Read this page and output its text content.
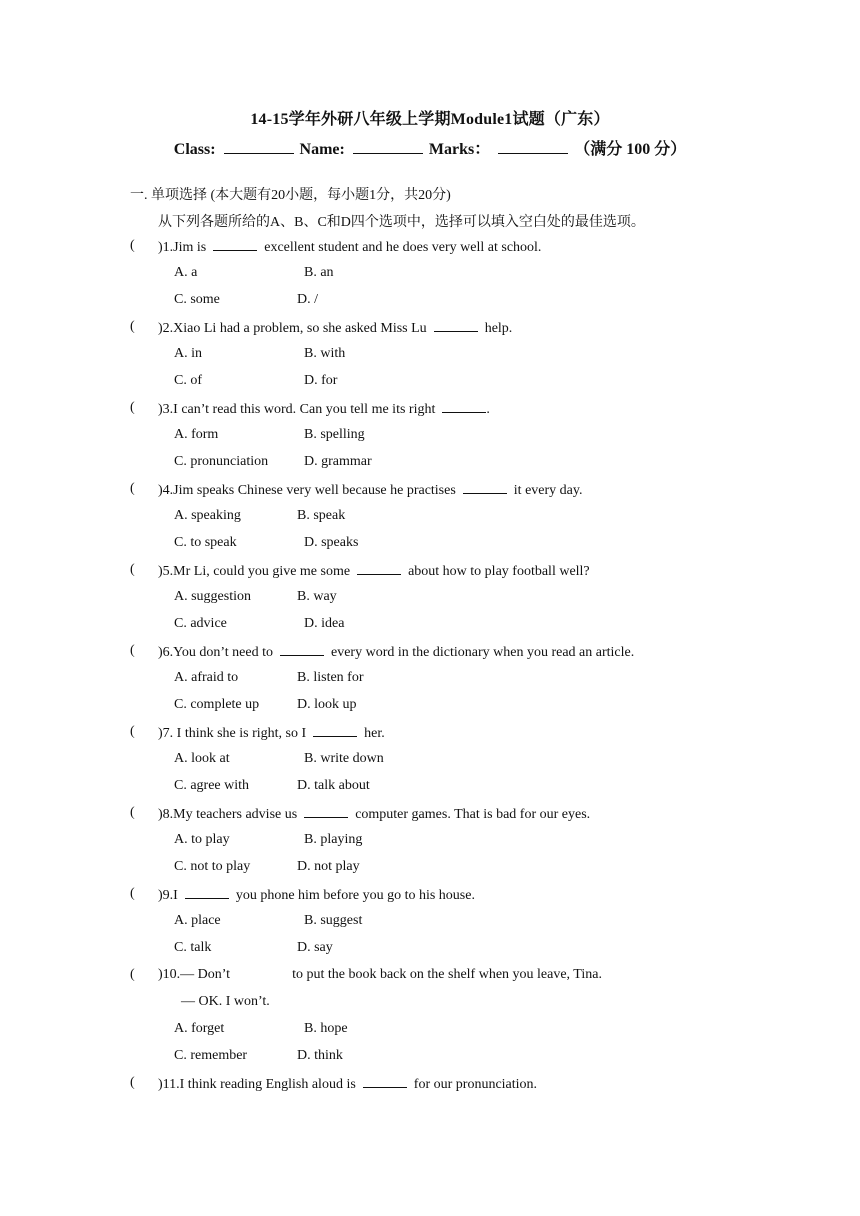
14-15学年外研八年级上学期Module1试题（广东）
Class:	Name:	Marks：	（满分 100 分）
一. 单项选择 (本大题有20小题，每小题1分，共20分)
从下列各题所给的A、B、C和D四个选项中，选择可以填入空白处的最佳选项。
( )1.Jim is	excellent student and he does very well at school.
A. a	B. an
C. some	D. /
( )2.Xiao Li had a problem, so she asked Miss Lu	help.
A. in	B. with
C. of	D. for
( )3.I can’t read this word. Can you tell me its right	.
A. form	B. spelling
C. pronunciation	D. grammar
( )4.Jim speaks Chinese very well because he practises	it every day.
A. speaking	B. speak
C. to speak	D. speaks
( )5.Mr Li, could you give me some	about how to play football well?
A. suggestion	B. way
C. advice	D. idea
( )6.You don’t need to	every word in the dictionary when you read an article.
A. afraid to	B. listen for
C. complete up	D. look up
( )7. I think she is right, so I	her.
A. look at	B. write down
C. agree with	D. talk about
( )8.My teachers advise us	computer games. That is bad for our eyes.
A. to play	B. playing
C. not to play	D. not play
( )9.I	you phone him before you go to his house.
A. place	B. suggest
C. talk	D. say
( )10.— Don’t	to put the book back on the shelf when you leave, Tina.
— OK. I won’t.
A. forget	B. hope
C. remember	D. think
( )11.I think reading English aloud is	for our pronunciation.
